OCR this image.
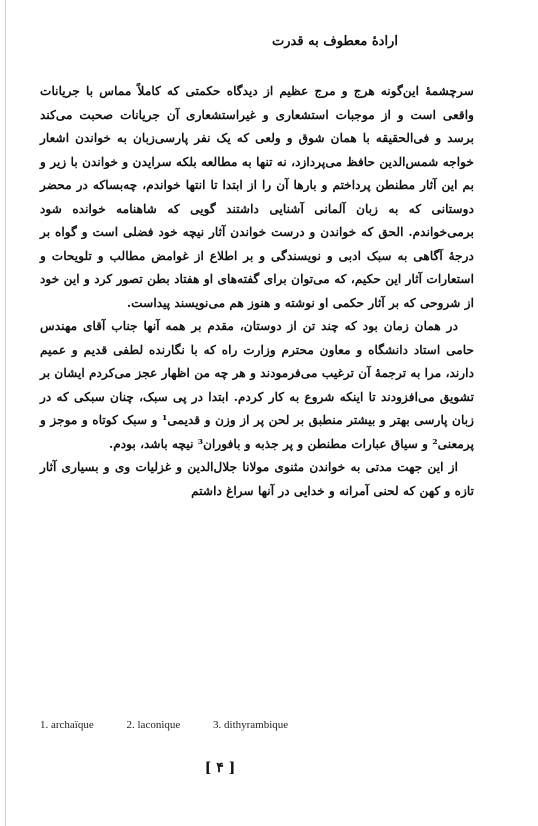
ارادهٔ معطوف به قدرت

سرچشمهٔ این‌گونه هرج و مرج عظیم از دیدگاه حکمتی که کاملاً مماس با جریانات واقعی است و از موجبات استشعاری و غیراستشعاری آن جریانات صحبت می‌کند برسد و فی‌الحقیقه با همان شوق و ولعی که یک نفر پارسی‌زبان به خواندن اشعار خواجه شمس‌الدین حافظ می‌پردازد، نه تنها به مطالعه بلکه سرایدن و خواندن با زیر و بم این آثار مطنطن پرداختم و بارها آن را از ابتدا تا انتها خواندم، چه‌بساکه در محضر دوستانی که به زبان آلمانی آشنایی داشتند گویی که شاهنامه خوانده شود برمی‌خواندم. الحق که خواندن و درست خواندن آثار نیچه خود فضلی است و گواه بر درجهٔ آگاهی به سبک ادبی و نویسندگی و بر اطلاع از غوامض مطالب و تلویحات و استعارات آثار این حکیم، که می‌توان برای گفته‌های او هفتاد بطن تصور کرد و این خود از شروحی که بر آثار حکمی او نوشته و هنوز هم می‌نویسند پیداست.

در همان زمان بود که چند تن از دوستان، مقدم بر همه آنها جناب آقای مهندس حامی استاد دانشگاه و معاون محترم وزارت راه که با نگارنده لطفی قدیم و عمیم دارند، مرا به ترجمهٔ آن ترغیب می‌فرمودند و هر چه من اظهار عجز می‌کردم ایشان بر تشویق می‌افزودند تا اینکه شروع به کار کردم. ابتدا در پی سبک، چنان سبکی که در زبان پارسی بهتر و بیشتر منطبق بر لحن پر از وزن و قدیمی¹ و سبک کوتاه و موجز و پرمعنی² و سیاق عبارات مطنطن و پر جذبه و بافوران³ نیچه باشد، بودم.

از این جهت مدتی به خواندن مثنوی مولانا جلال‌الدین و غزلیات وی و بسیاری آثار تازه و کهن که لحنی آمرانه و خدایی در آنها سراغ داشتم

1. archaïque	2. laconique	3. dithyrambique
[ ۴ ]
